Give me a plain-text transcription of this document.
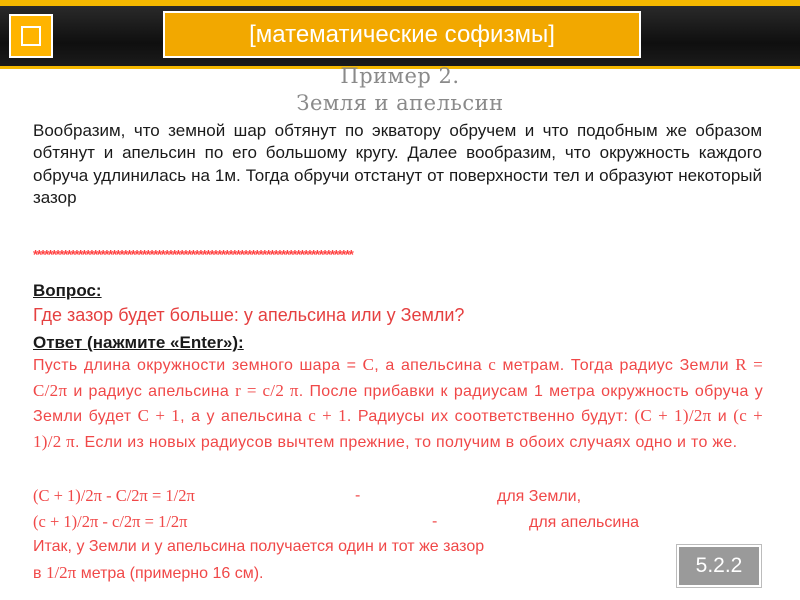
[математические софизмы]
Пример 2.
Земля и апельсин

Вообразим, что земной шар обтянут по экватору обручем и что подобным же образом обтянут и апельсин по его большому кругу. Далее вообразим, что окружность каждого обруча удлинилась на 1м. Тогда обручи отстанут от поверхности тел и образуют некоторый зазор

*************************************************************************************
Вопрос:
Где зазор будет больше: у апельсина или у Земли?
Ответ (нажмите «Enter»):

Пусть длина окружности земного шара = С, а апельсина с метрам. Тогда радиус Земли R = С/2π и радиус апельсина r = с/2 π. После прибавки к радиусам 1 метра окружность обруча у Земли будет С + 1, а у апельсина с + 1. Радиусы их соответственно будут: (С + 1)/2π и (с + 1)/2 π. Если из новых радиусов вычтем прежние, то получим в обоих случаях одно и то же.

(С + 1)/2π - С/2π = 1/2π	-	для Земли,
(с + 1)/2π - с/2π = 1/2π	-	для апельсина
Итак, у Земли и у апельсина получается один и тот же зазор
в 1/2π метра (примерно 16 см).	5.2.2
